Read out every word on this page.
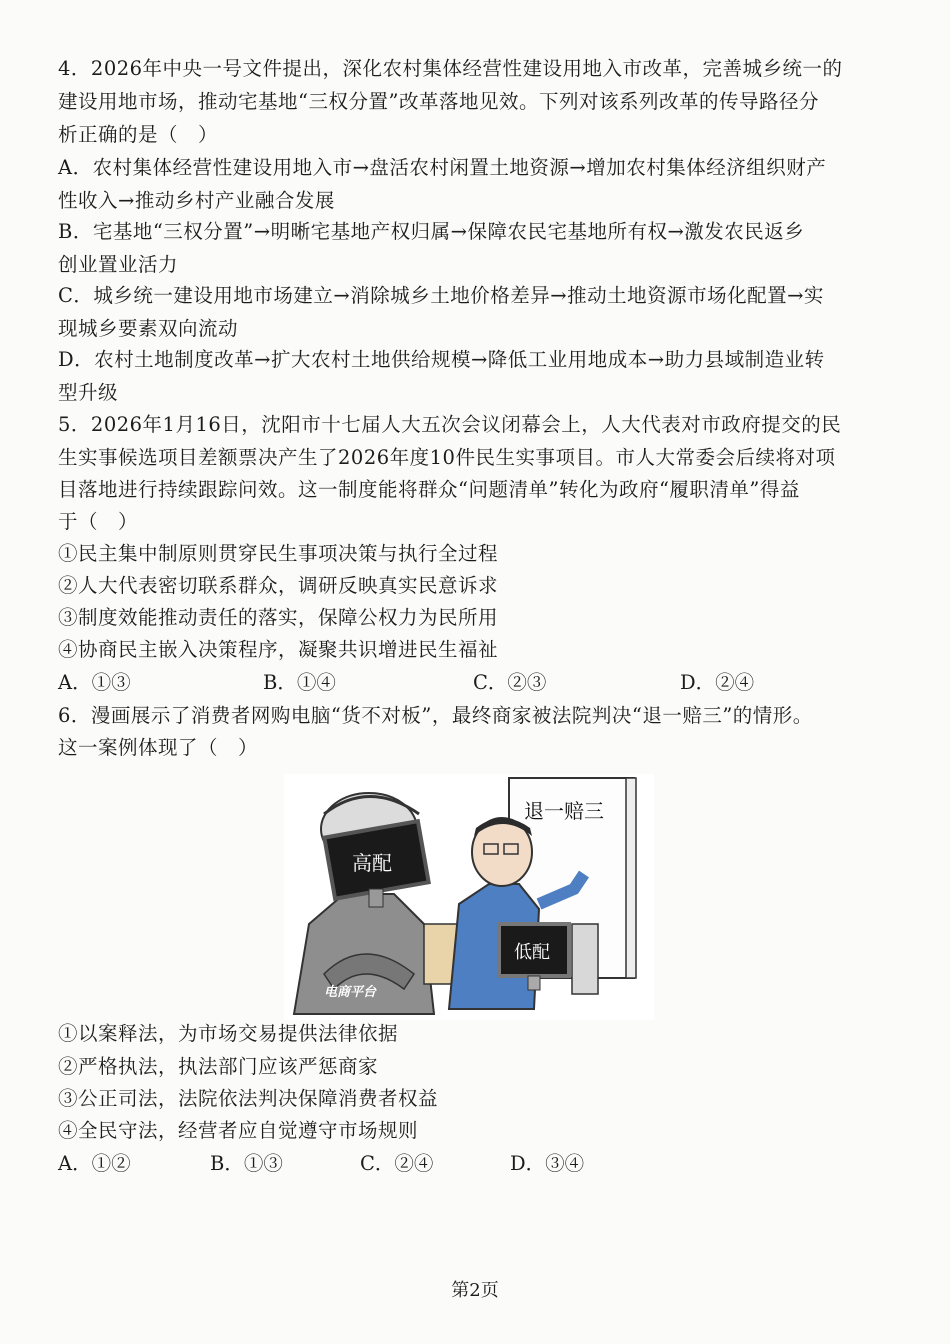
4．2026年中央一号文件提出，深化农村集体经营性建设用地入市改革，完善城乡统一的
建设用地市场，推动宅基地“三权分置”改革落地见效。下列对该系列改革的传导路径分
析正确的是（　）
A．农村集体经营性建设用地入市→盘活农村闲置土地资源→增加农村集体经济组织财产
性收入→推动乡村产业融合发展
B．宅基地“三权分置”→明晰宅基地产权归属→保障农民宅基地所有权→激发农民返乡
创业置业活力
C．城乡统一建设用地市场建立→消除城乡土地价格差异→推动土地资源市场化配置→实
现城乡要素双向流动
D．农村土地制度改革→扩大农村土地供给规模→降低工业用地成本→助力县域制造业转
型升级
5．2026年1月16日，沈阳市十七届人大五次会议闭幕会上，人大代表对市政府提交的民
生实事候选项目差额票决产生了2026年度10件民生实事项目。市人大常委会后续将对项
目落地进行持续跟踪问效。这一制度能将群众“问题清单”转化为政府“履职清单”得益
于（　）
①民主集中制原则贯穿民生事项决策与执行全过程
②人大代表密切联系群众，调研反映真实民意诉求
③制度效能推动责任的落实，保障公权力为民所用
④协商民主嵌入决策程序，凝聚共识增进民生福祉
A．①③	B．①④	C．②③	D．②④
6．漫画展示了消费者网购电脑“货不对板”，最终商家被法院判决“退一赔三”的情形。
这一案例体现了（　）
退一赔三
电商平台
高配
低配
①以案释法，为市场交易提供法律依据
②严格执法，执法部门应该严惩商家
③公正司法，法院依法判决保障消费者权益
④全民守法，经营者应自觉遵守市场规则
A．①②	B．①③	C．②④	D．③④
第2页
